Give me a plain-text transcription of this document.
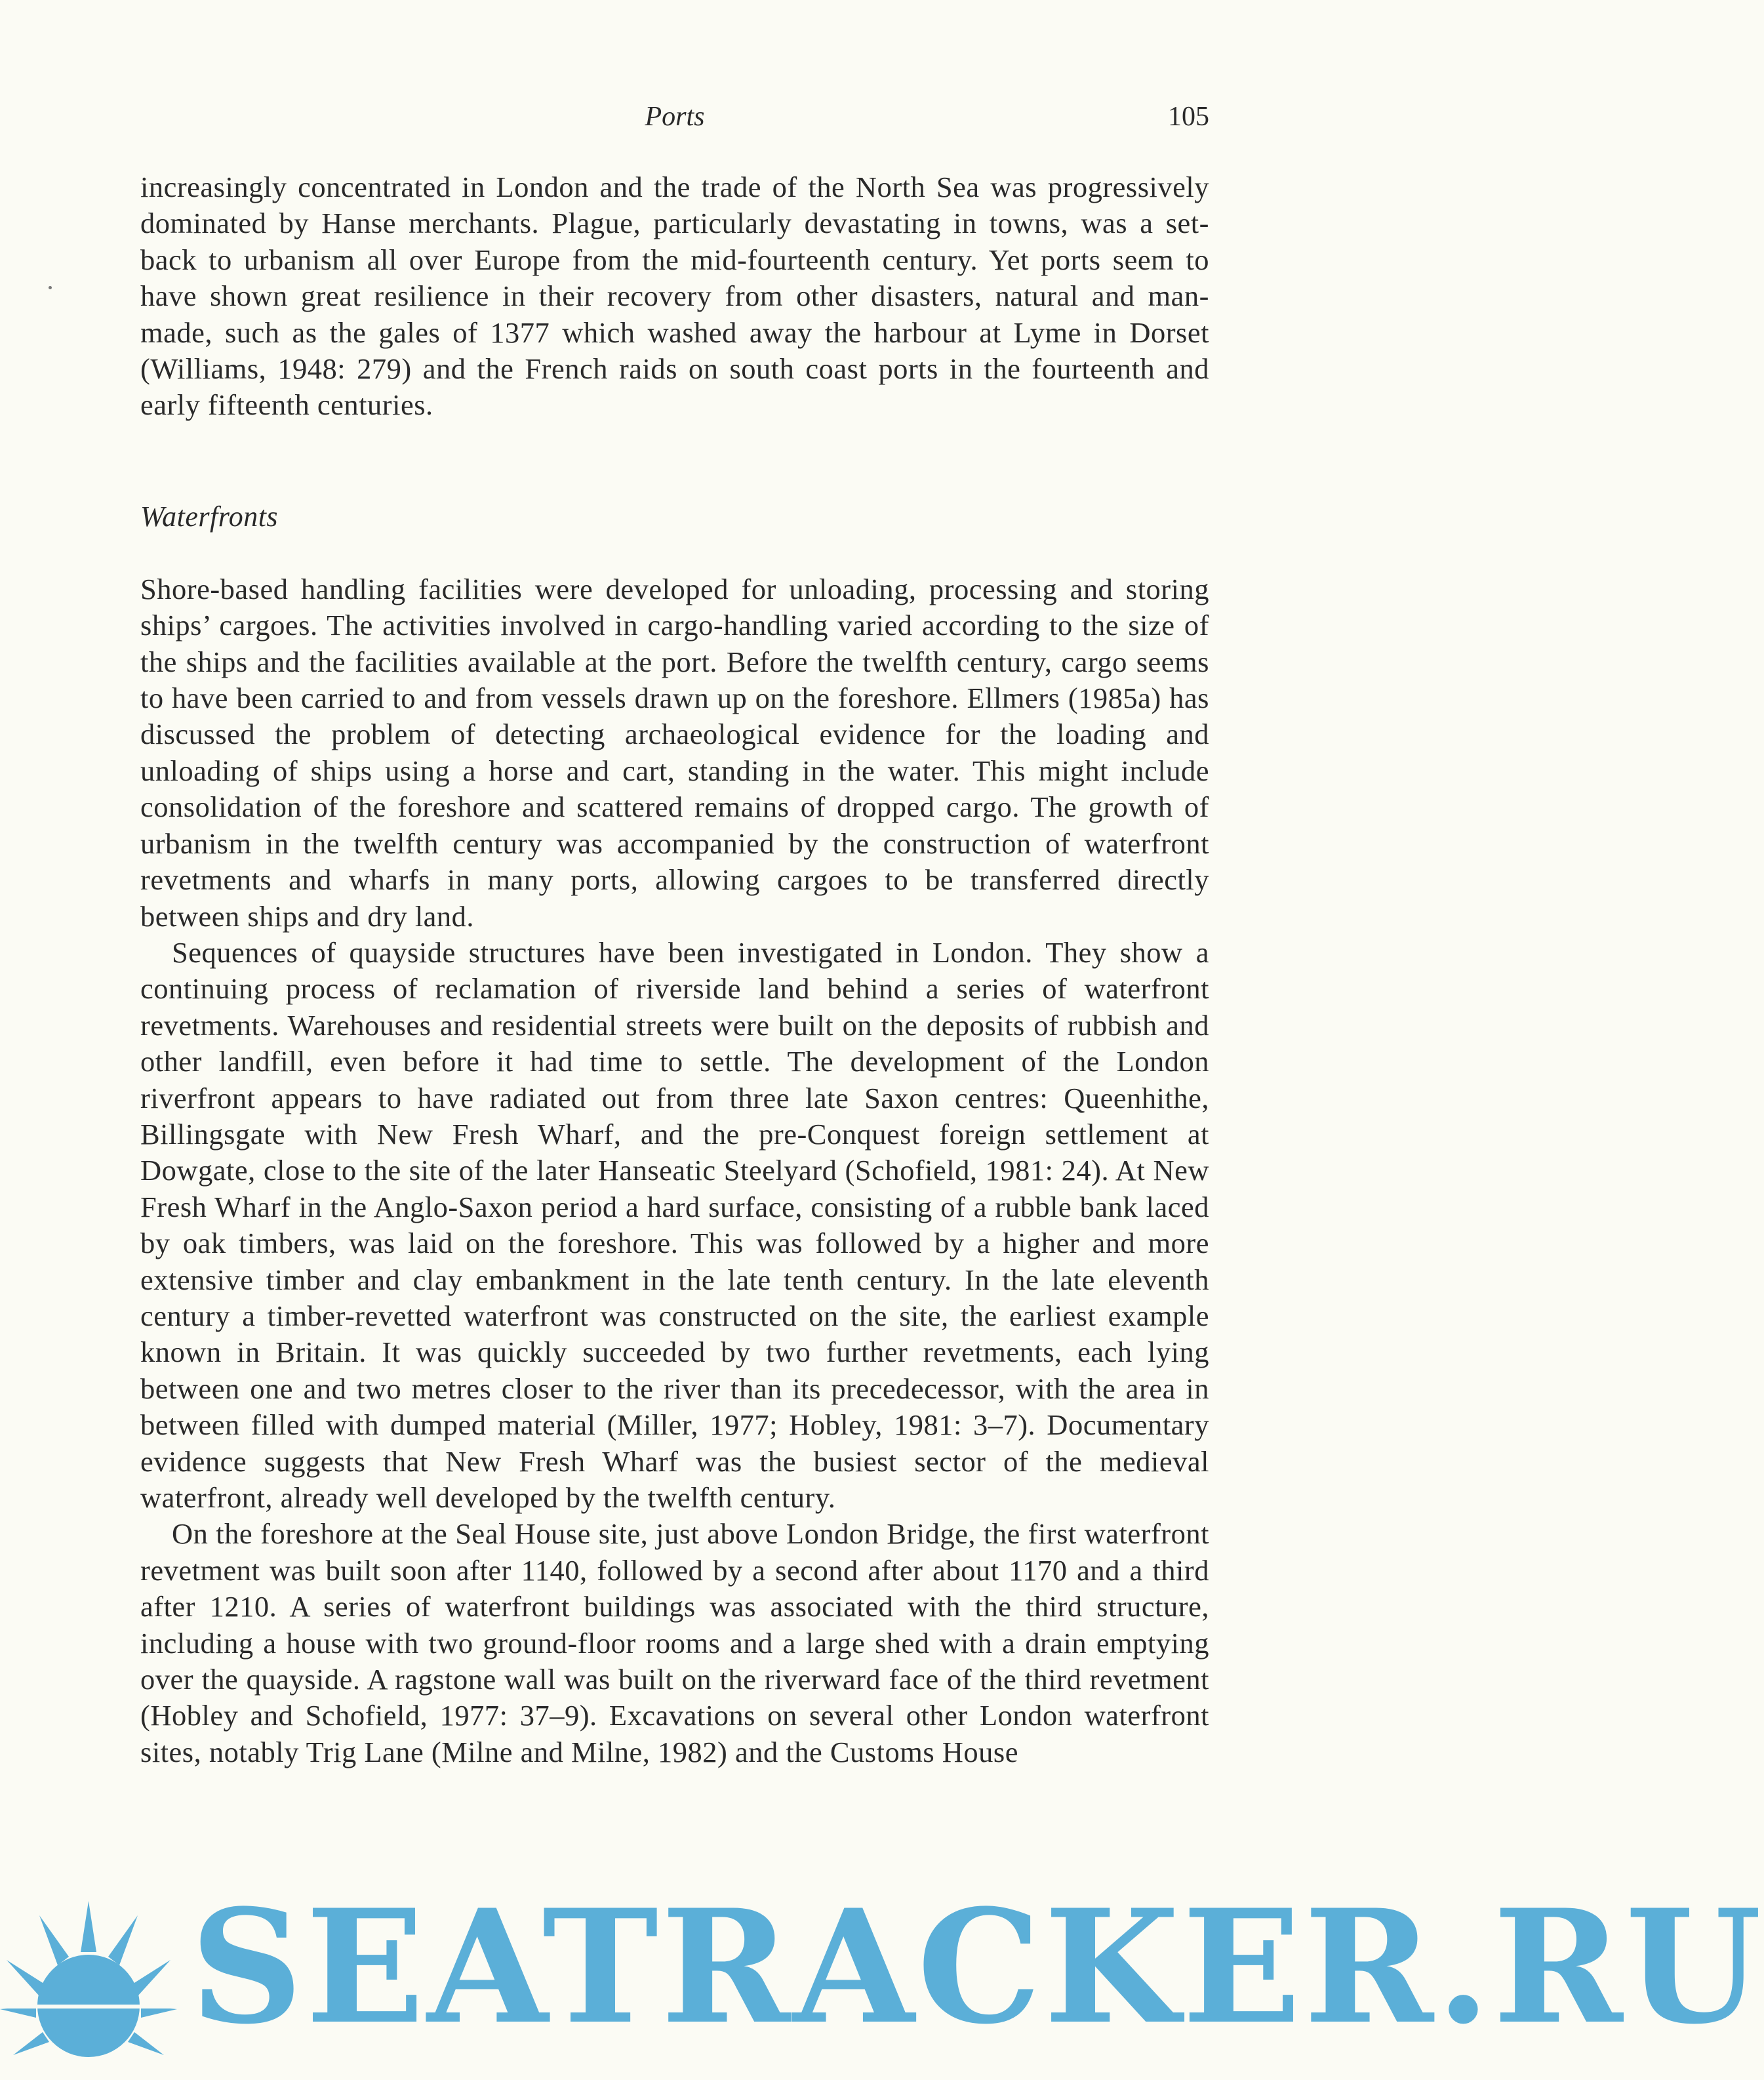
Ports	105

increasingly concentrated in London and the trade of the North Sea was progressively dominated by Hanse merchants. Plague, particularly devastating in towns, was a set-back to urbanism all over Europe from the mid-fourteenth century. Yet ports seem to have shown great resilience in their recovery from other disasters, natural and man-made, such as the gales of 1377 which washed away the harbour at Lyme in Dorset (Williams, 1948: 279) and the French raids on south coast ports in the fourteenth and early fifteenth centuries.

Waterfronts

Shore-based handling facilities were developed for unloading, processing and storing ships’ cargoes. The activities involved in cargo-handling varied according to the size of the ships and the facilities available at the port. Before the twelfth century, cargo seems to have been carried to and from vessels drawn up on the foreshore. Ellmers (1985a) has discussed the problem of detecting archaeological evidence for the loading and unloading of ships using a horse and cart, standing in the water. This might include consolidation of the foreshore and scattered remains of dropped cargo. The growth of urbanism in the twelfth century was accompanied by the construction of waterfront revetments and wharfs in many ports, allowing cargoes to be transferred directly between ships and dry land.

Sequences of quayside structures have been investigated in London. They show a continuing process of reclamation of riverside land behind a series of waterfront revetments. Warehouses and residential streets were built on the deposits of rubbish and other landfill, even before it had time to settle. The development of the London riverfront appears to have radiated out from three late Saxon centres: Queenhithe, Billingsgate with New Fresh Wharf, and the pre-Conquest foreign settlement at Dowgate, close to the site of the later Hanseatic Steelyard (Schofield, 1981: 24). At New Fresh Wharf in the Anglo-Saxon period a hard surface, consisting of a rubble bank laced by oak timbers, was laid on the foreshore. This was followed by a higher and more extensive timber and clay embankment in the late tenth century. In the late eleventh century a timber-revetted waterfront was constructed on the site, the earliest example known in Britain. It was quickly succeeded by two further revetments, each lying between one and two metres closer to the river than its precedecessor, with the area in between filled with dumped material (Miller, 1977; Hobley, 1981: 3–7). Documentary evidence suggests that New Fresh Wharf was the busiest sector of the medieval waterfront, already well developed by the twelfth century.

On the foreshore at the Seal House site, just above London Bridge, the first waterfront revetment was built soon after 1140, followed by a second after about 1170 and a third after 1210. A series of waterfront buildings was associated with the third structure, including a house with two ground-floor rooms and a large shed with a drain emptying over the quayside. A ragstone wall was built on the riverward face of the third revetment (Hobley and Schofield, 1977: 37–9). Excavations on several other London waterfront sites, notably Trig Lane (Milne and Milne, 1982) and the Customs House

SEATRACKER.RU
